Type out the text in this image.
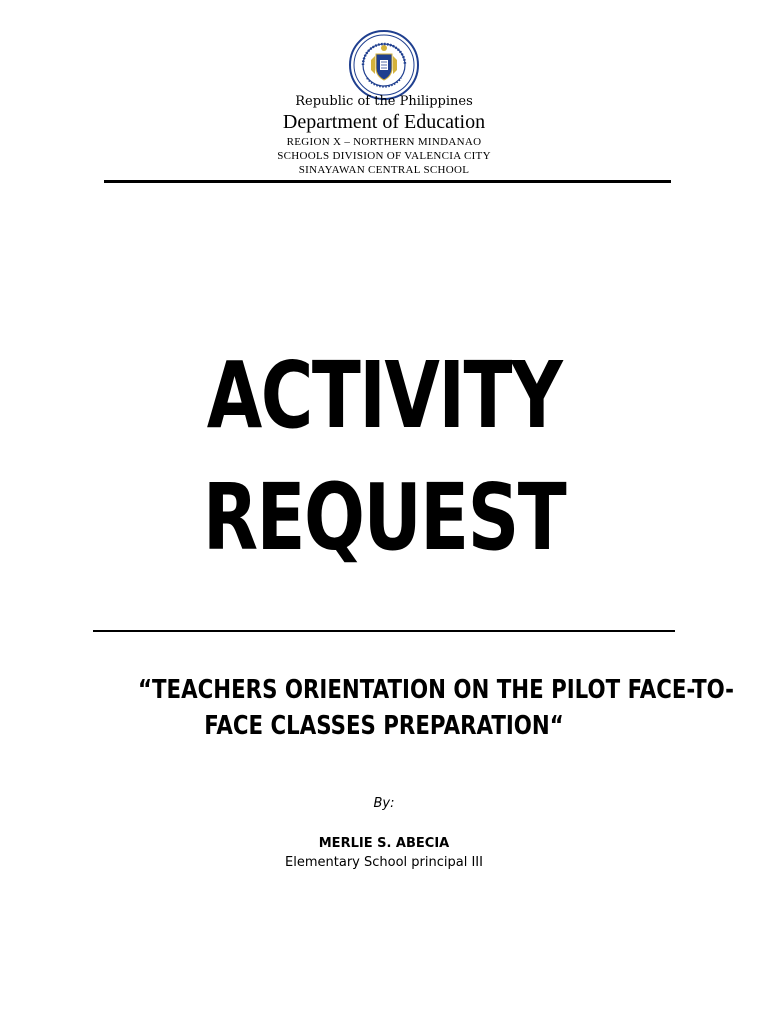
Republic of the Philippines
Department of Education
REGION X – NORTHERN MINDANAO
SCHOOLS DIVISION OF VALENCIA CITY
SINAYAWAN CENTRAL SCHOOL
ACTIVITY
REQUEST
“TEACHERS ORIENTATION ON THE PILOT FACE-TO-
FACE CLASSES PREPARATION“
By:
MERLIE S. ABECIA
Elementary School principal III
